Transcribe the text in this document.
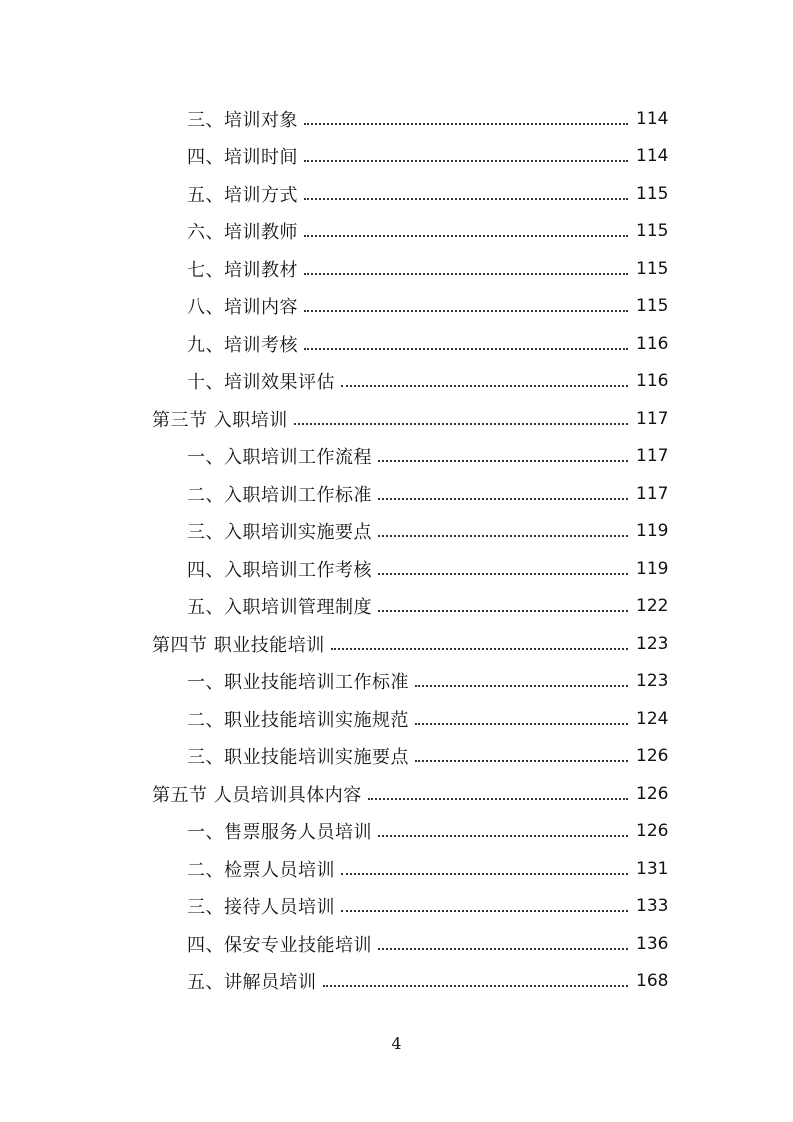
三、培训对象	114
四、培训时间	114
五、培训方式	115
六、培训教师	115
七、培训教材	115
八、培训内容	115
九、培训考核	116
十、培训效果评估	116
第三节 入职培训	117
一、入职培训工作流程	117
二、入职培训工作标准	117
三、入职培训实施要点	119
四、入职培训工作考核	119
五、入职培训管理制度	122
第四节 职业技能培训	123
一、职业技能培训工作标准	123
二、职业技能培训实施规范	124
三、职业技能培训实施要点	126
第五节 人员培训具体内容	126
一、售票服务人员培训	126
二、检票人员培训	131
三、接待人员培训	133
四、保安专业技能培训	136
五、讲解员培训	168
4
